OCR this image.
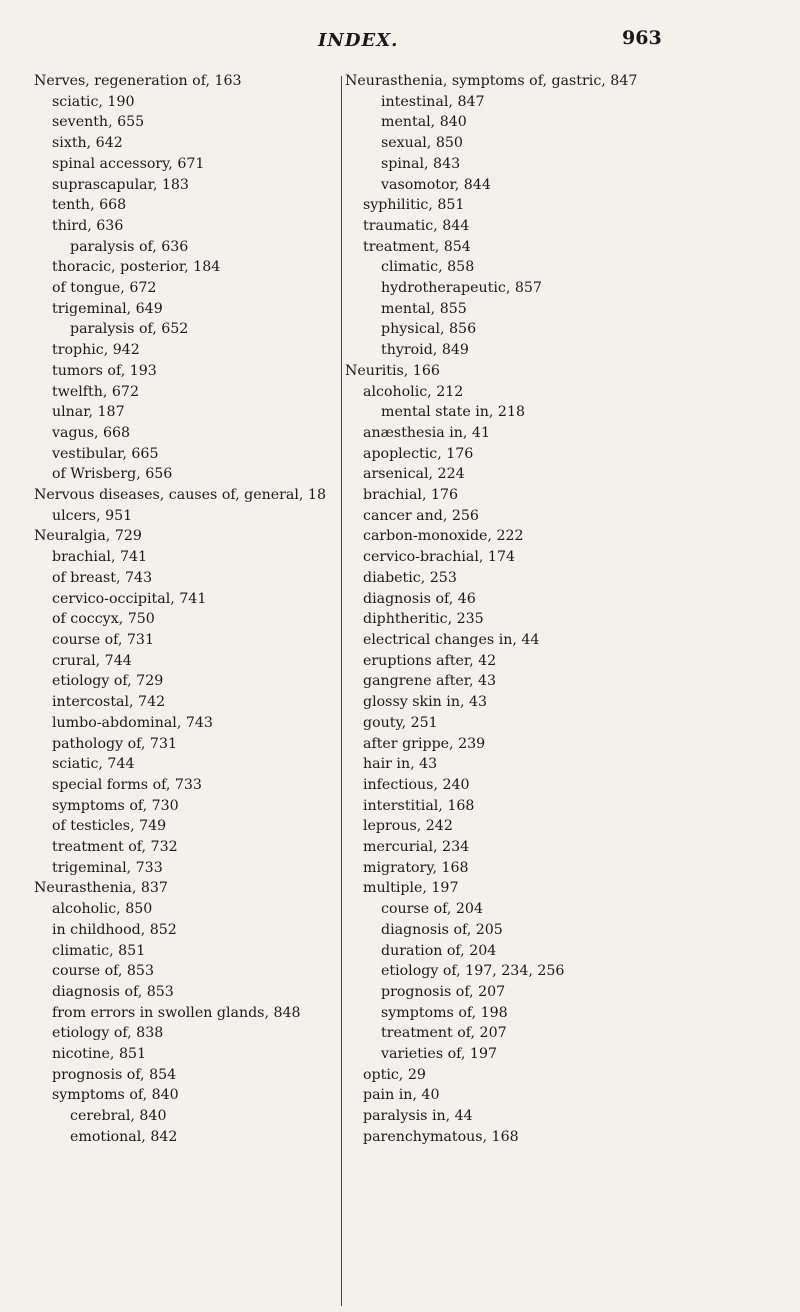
INDEX.	963
Nerves, regeneration of, 163
sciatic, 190
seventh, 655
sixth, 642
spinal accessory, 671
suprascapular, 183
tenth, 668
third, 636
paralysis of, 636
thoracic, posterior, 184
of tongue, 672
trigeminal, 649
paralysis of, 652
trophic, 942
tumors of, 193
twelfth, 672
ulnar, 187
vagus, 668
vestibular, 665
of Wrisberg, 656
Nervous diseases, causes of, general, 18
ulcers, 951
Neuralgia, 729
brachial, 741
of breast, 743
cervico-occipital, 741
of coccyx, 750
course of, 731
crural, 744
etiology of, 729
intercostal, 742
lumbo-abdominal, 743
pathology of, 731
sciatic, 744
special forms of, 733
symptoms of, 730
of testicles, 749
treatment of, 732
trigeminal, 733
Neurasthenia, 837
alcoholic, 850
in childhood, 852
climatic, 851
course of, 853
diagnosis of, 853
from errors in swollen glands, 848
etiology of, 838
nicotine, 851
prognosis of, 854
symptoms of, 840
cerebral, 840
emotional, 842
Neurasthenia, symptoms of, gastric, 847
intestinal, 847
mental, 840
sexual, 850
spinal, 843
vasomotor, 844
syphilitic, 851
traumatic, 844
treatment, 854
climatic, 858
hydrotherapeutic, 857
mental, 855
physical, 856
thyroid, 849
Neuritis, 166
alcoholic, 212
mental state in, 218
anæsthesia in, 41
apoplectic, 176
arsenical, 224
brachial, 176
cancer and, 256
carbon-monoxide, 222
cervico-brachial, 174
diabetic, 253
diagnosis of, 46
diphtheritic, 235
electrical changes in, 44
eruptions after, 42
gangrene after, 43
glossy skin in, 43
gouty, 251
after grippe, 239
hair in, 43
infectious, 240
interstitial, 168
leprous, 242
mercurial, 234
migratory, 168
multiple, 197
course of, 204
diagnosis of, 205
duration of, 204
etiology of, 197, 234, 256
prognosis of, 207
symptoms of, 198
treatment of, 207
varieties of, 197
optic, 29
pain in, 40
paralysis in, 44
parenchymatous, 168
